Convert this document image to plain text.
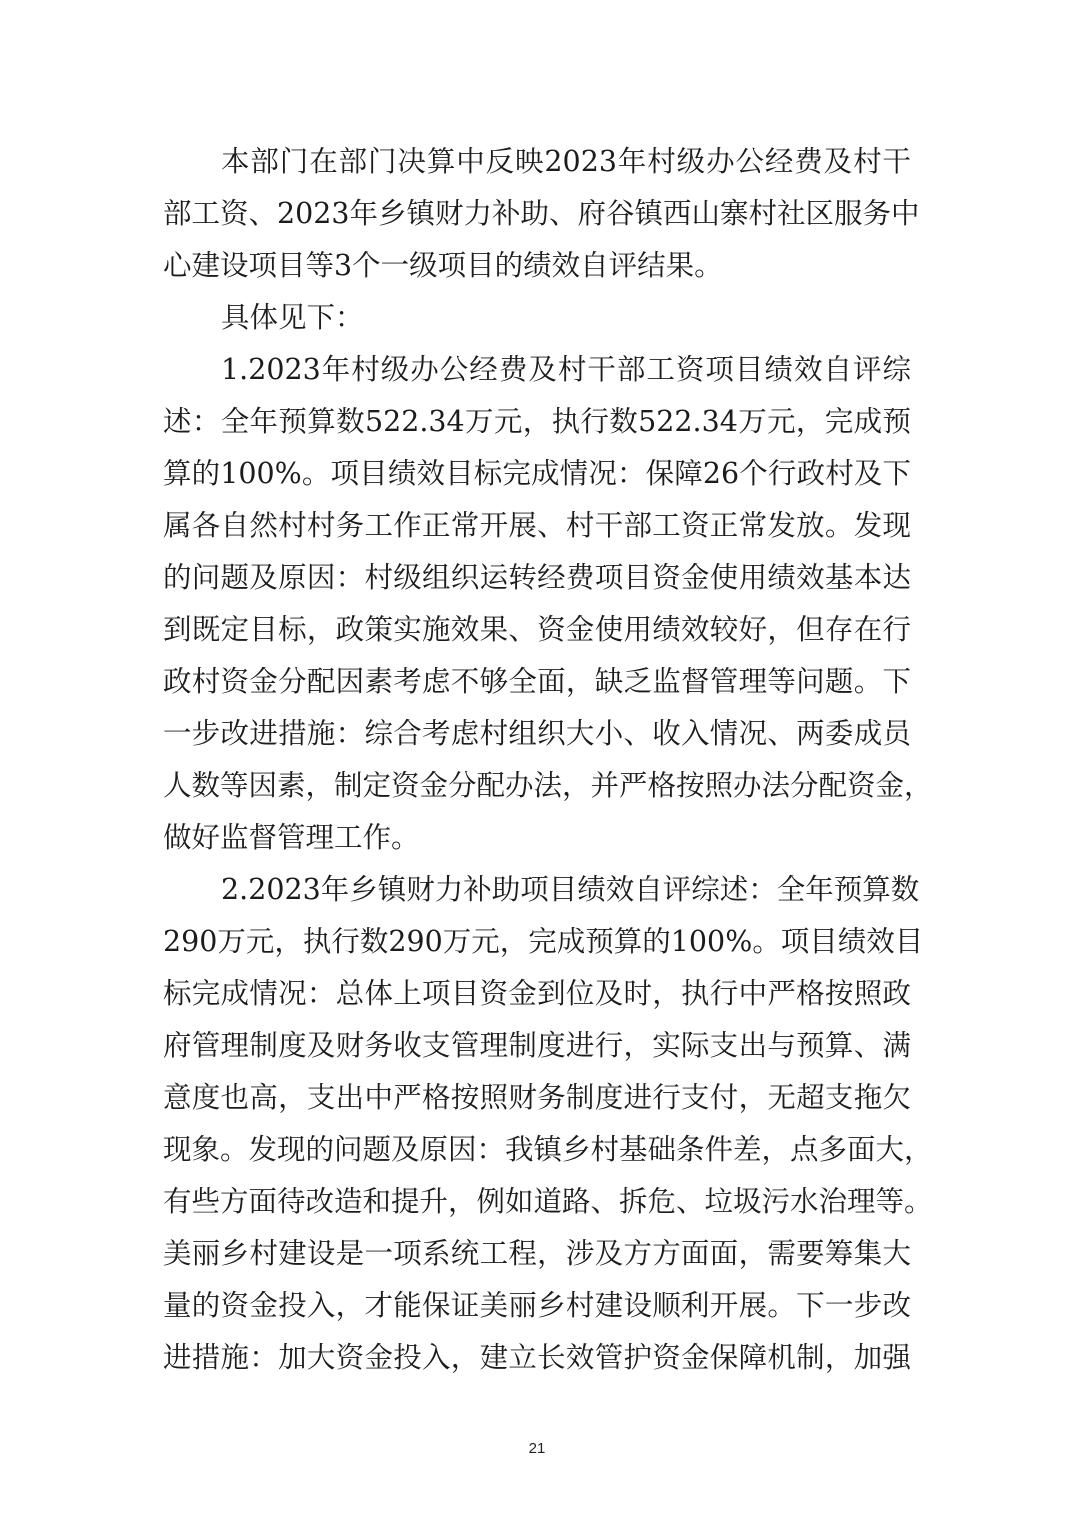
本部门在部门决算中反映2023年村级办公经费及村干
部工资、2023年乡镇财力补助、府谷镇西山寨村社区服务中
心建设项目等3个一级项目的绩效自评结果。
具体见下：
1.2023年村级办公经费及村干部工资项目绩效自评综
述：全年预算数522.34万元，执行数522.34万元，完成预
算的100%。项目绩效目标完成情况：保障26个行政村及下
属各自然村村务工作正常开展、村干部工资正常发放。发现
的问题及原因：村级组织运转经费项目资金使用绩效基本达
到既定目标，政策实施效果、资金使用绩效较好，但存在行
政村资金分配因素考虑不够全面，缺乏监督管理等问题。下
一步改进措施：综合考虑村组织大小、收入情况、两委成员
人数等因素，制定资金分配办法，并严格按照办法分配资金，
做好监督管理工作。
2.2023年乡镇财力补助项目绩效自评综述：全年预算数
290万元，执行数290万元，完成预算的100%。项目绩效目
标完成情况：总体上项目资金到位及时，执行中严格按照政
府管理制度及财务收支管理制度进行，实际支出与预算、满
意度也高，支出中严格按照财务制度进行支付，无超支拖欠
现象。发现的问题及原因：我镇乡村基础条件差，点多面大，
有些方面待改造和提升，例如道路、拆危、垃圾污水治理等。
美丽乡村建设是一项系统工程，涉及方方面面，需要筹集大
量的资金投入，才能保证美丽乡村建设顺利开展。下一步改
进措施：加大资金投入，建立长效管护资金保障机制，加强
21
